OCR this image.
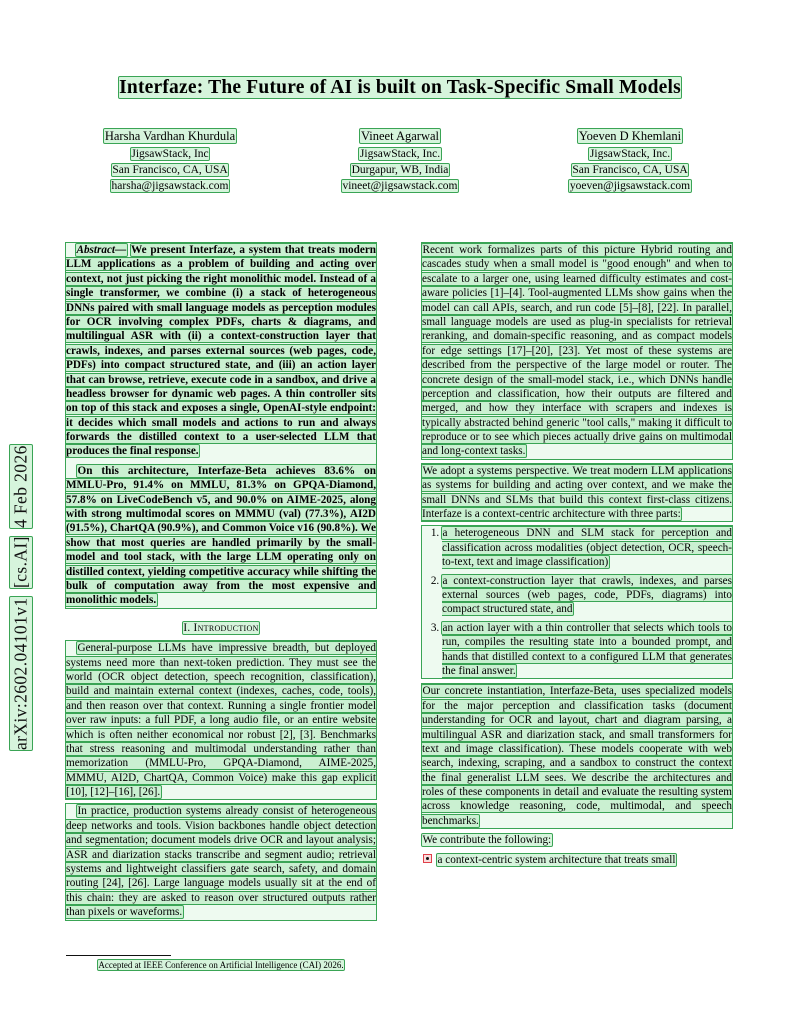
arXiv:2602.04101v1
[cs.AI]
4 Feb 2026
Interfaze: The Future of AI is built on Task-Specific Small Models
Harsha Vardhan Khurdula
JigsawStack, Inc
San Francisco, CA, USA
harsha@jigsawstack.com
Vineet Agarwal
JigsawStack, Inc.
Durgapur, WB, India
vineet@jigsawstack.com
Yoeven D Khemlani
JigsawStack, Inc.
San Francisco, CA, USA
yoeven@jigsawstack.com

Abstract— We present Interfaze, a system that treats modern LLM applications as a problem of building and acting over context, not just picking the right monolithic model. Instead of a single transformer, we combine (i) a stack of heterogeneous DNNs paired with small language models as perception modules for OCR involving complex PDFs, charts & diagrams, and multilingual ASR with (ii) a context-construction layer that crawls, indexes, and parses external sources (web pages, code, PDFs) into compact structured state, and (iii) an action layer that can browse, retrieve, execute code in a sandbox, and drive a headless browser for dynamic web pages. A thin controller sits on top of this stack and exposes a single, OpenAI-style endpoint: it decides which small models and actions to run and always forwards the distilled context to a user-selected LLM that produces the final response.

On this architecture, Interfaze-Beta achieves 83.6% on MMLU-Pro, 91.4% on MMLU, 81.3% on GPQA-Diamond, 57.8% on LiveCodeBench v5, and 90.0% on AIME-2025, along with strong multimodal scores on MMMU (val) (77.3%), AI2D (91.5%), ChartQA (90.9%), and Common Voice v16 (90.8%). We show that most queries are handled primarily by the small-model and tool stack, with the large LLM operating only on distilled context, yielding competitive accuracy while shifting the bulk of computation away from the most expensive and monolithic models.

I. Introduction

General-purpose LLMs have impressive breadth, but deployed systems need more than next-token prediction. They must see the world (OCR object detection, speech recognition, classification), build and maintain external context (indexes, caches, code, tools), and then reason over that context. Running a single frontier model over raw inputs: a full PDF, a long audio file, or an entire website which is often neither economical nor robust [2], [3]. Benchmarks that stress reasoning and multimodal understanding rather than memorization (MMLU-Pro, GPQA-Diamond, AIME-2025, MMMU, AI2D, ChartQA, Common Voice) make this gap explicit [10], [12]–[16], [26].

In practice, production systems already consist of heterogeneous deep networks and tools. Vision backbones handle object detection and segmentation; document models drive OCR and layout analysis; ASR and diarization stacks transcribe and segment audio; retrieval systems and lightweight classifiers gate search, safety, and domain routing [24], [26]. Large language models usually sit at the end of this chain: they are asked to reason over structured outputs rather than pixels or waveforms.

Recent work formalizes parts of this picture Hybrid routing and cascades study when a small model is "good enough" and when to escalate to a larger one, using learned difficulty estimates and cost-aware policies [1]–[4]. Tool-augmented LLMs show gains when the model can call APIs, search, and run code [5]–[8], [22]. In parallel, small language models are used as plug-in specialists for retrieval reranking, and domain-specific reasoning, and as compact models for edge settings [17]–[20], [23]. Yet most of these systems are described from the perspective of the large model or router. The concrete design of the small-model stack, i.e., which DNNs handle perception and classification, how their outputs are filtered and merged, and how they interface with scrapers and indexes is typically abstracted behind generic "tool calls," making it difficult to reproduce or to see which pieces actually drive gains on multimodal and long-context tasks.

We adopt a systems perspective. We treat modern LLM applications as systems for building and acting over context, and we make the small DNNs and SLMs that build this context first-class citizens. Interfaze is a context-centric architecture with three parts:

1. a heterogeneous DNN and SLM stack for perception and classification across modalities (object detection, OCR, speech-to-text, text and image classification)
2. a context-construction layer that crawls, indexes, and parses external sources (web pages, code, PDFs, diagrams) into compact structured state, and
3. an action layer with a thin controller that selects which tools to run, compiles the resulting state into a bounded prompt, and hands that distilled context to a configured LLM that generates the final answer.

Our concrete instantiation, Interfaze-Beta, uses specialized models for the major perception and classification tasks (document understanding for OCR and layout, chart and diagram parsing, a multilingual ASR and diarization stack, and small transformers for text and image classification). These models cooperate with web search, indexing, scraping, and a sandbox to construct the context the final generalist LLM sees. We describe the architectures and roles of these components in detail and evaluate the resulting system across knowledge reasoning, code, multimodal, and speech benchmarks.

We contribute the following:

a context-centric system architecture that treats small
Accepted at IEEE Conference on Artificial Intelligence (CAI) 2026.
